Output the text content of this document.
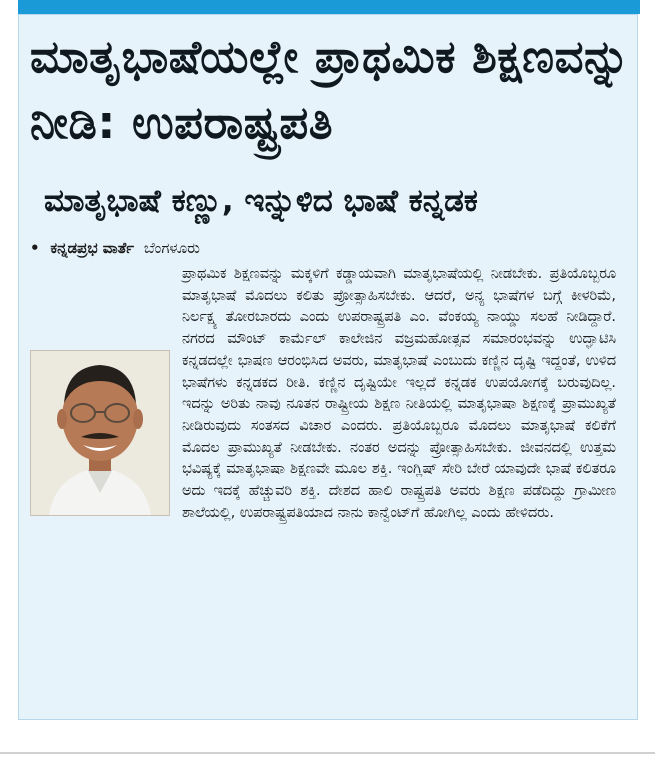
ಮಾತೃಭಾಷೆಯಲ್ಲೇ ಪ್ರಾಥಮಿಕ ಶಿಕ್ಷಣವನ್ನು ನೀಡಿ: ಉಪರಾಷ್ಟ್ರಪತಿ
ಮಾತೃಭಾಷೆ ಕಣ್ಣು, ಇನ್ನುಳಿದ ಭಾಷೆ ಕನ್ನಡಕ
• ಕನ್ನಡಪ್ರಭ ವಾರ್ತೆ ಬೆಂಗಳೂರು

ಪ್ರಾಥಮಿಕ ಶಿಕ್ಷಣವನ್ನು ಮಕ್ಕಳಿಗೆ ಕಡ್ಡಾಯವಾಗಿ ಮಾತೃಭಾಷೆಯಲ್ಲಿ ನೀಡಬೇಕು. ಪ್ರತಿಯೊಬ್ಬರೂ ಮಾತೃಭಾಷೆ ಮೊದಲು ಕಲಿತು ಪ್ರೋತ್ಸಾಹಿಸಬೇಕು. ಆದರೆ, ಅನ್ಯ ಭಾಷೆಗಳ ಬಗ್ಗೆ ಕೀಳರಿಮೆ, ನಿರ್ಲಕ್ಷ್ಯ ತೋರಬಾರದು ಎಂದು ಉಪರಾಷ್ಟ್ರಪತಿ ಎಂ. ವೆಂಕಯ್ಯ ನಾಯ್ಡು ಸಲಹೆ ನೀಡಿದ್ದಾರೆ. ನಗರದ ಮೌಂಟ್ ಕಾರ್ಮೆಲ್ ಕಾಲೇಜಿನ ವಜ್ರಮಹೋತ್ಸವ ಸಮಾರಂಭವನ್ನು ಉದ್ಘಾಟಿಸಿ ಕನ್ನಡದಲ್ಲೇ ಭಾಷಣ ಆರಂಭಿಸಿದ ಅವರು, ಮಾತೃಭಾಷೆ ಎಂಬುದು ಕಣ್ಣಿನ ದೃಷ್ಟಿ ಇದ್ದಂತೆ, ಉಳಿದ ಭಾಷೆಗಳು ಕನ್ನಡಕದ ರೀತಿ. ಕಣ್ಣಿನ ದೃಷ್ಟಿಯೇ ಇಲ್ಲದೆ ಕನ್ನಡಕ ಉಪಯೋಗಕ್ಕೆ ಬರುವುದಿಲ್ಲ. ಇದನ್ನು ಅರಿತು ನಾವು ನೂತನ ರಾಷ್ಟ್ರೀಯ ಶಿಕ್ಷಣ ನೀತಿಯಲ್ಲಿ ಮಾತೃಭಾಷಾ ಶಿಕ್ಷಣಕ್ಕೆ ಪ್ರಾಮುಖ್ಯತೆ ನೀಡಿರುವುದು ಸಂತಸದ ವಿಚಾರ ಎಂದರು. ಪ್ರತಿಯೊಬ್ಬರೂ ಮೊದಲು ಮಾತೃಭಾಷೆ ಕಲಿಕೆಗೆ ಮೊದಲ ಪ್ರಾಮುಖ್ಯತೆ ನೀಡಬೇಕು. ನಂತರ ಅದನ್ನು ಪ್ರೋತ್ಸಾಹಿಸಬೇಕು. ಜೀವನದಲ್ಲಿ ಉತ್ತಮ ಭವಿಷ್ಯಕ್ಕೆ ಮಾತೃಭಾಷಾ ಶಿಕ್ಷಣವೇ ಮೂಲ ಶಕ್ತಿ. ಇಂಗ್ಲಿಷ್ ಸೇರಿ ಬೇರೆ ಯಾವುದೇ ಭಾಷೆ ಕಲಿತರೂ ಅದು ಇದಕ್ಕೆ ಹೆಚ್ಚುವರಿ ಶಕ್ತಿ. ದೇಶದ ಹಾಲಿ ರಾಷ್ಟ್ರಪತಿ ಅವರು ಶಿಕ್ಷಣ ಪಡೆದಿದ್ದು ಗ್ರಾಮೀಣ ಶಾಲೆಯಲ್ಲಿ, ಉಪರಾಷ್ಟ್ರಪತಿಯಾದ ನಾನು ಕಾನ್ವೆಂಟ್‌ಗೆ ಹೋಗಿಲ್ಲ ಎಂದು ಹೇಳಿದರು.
